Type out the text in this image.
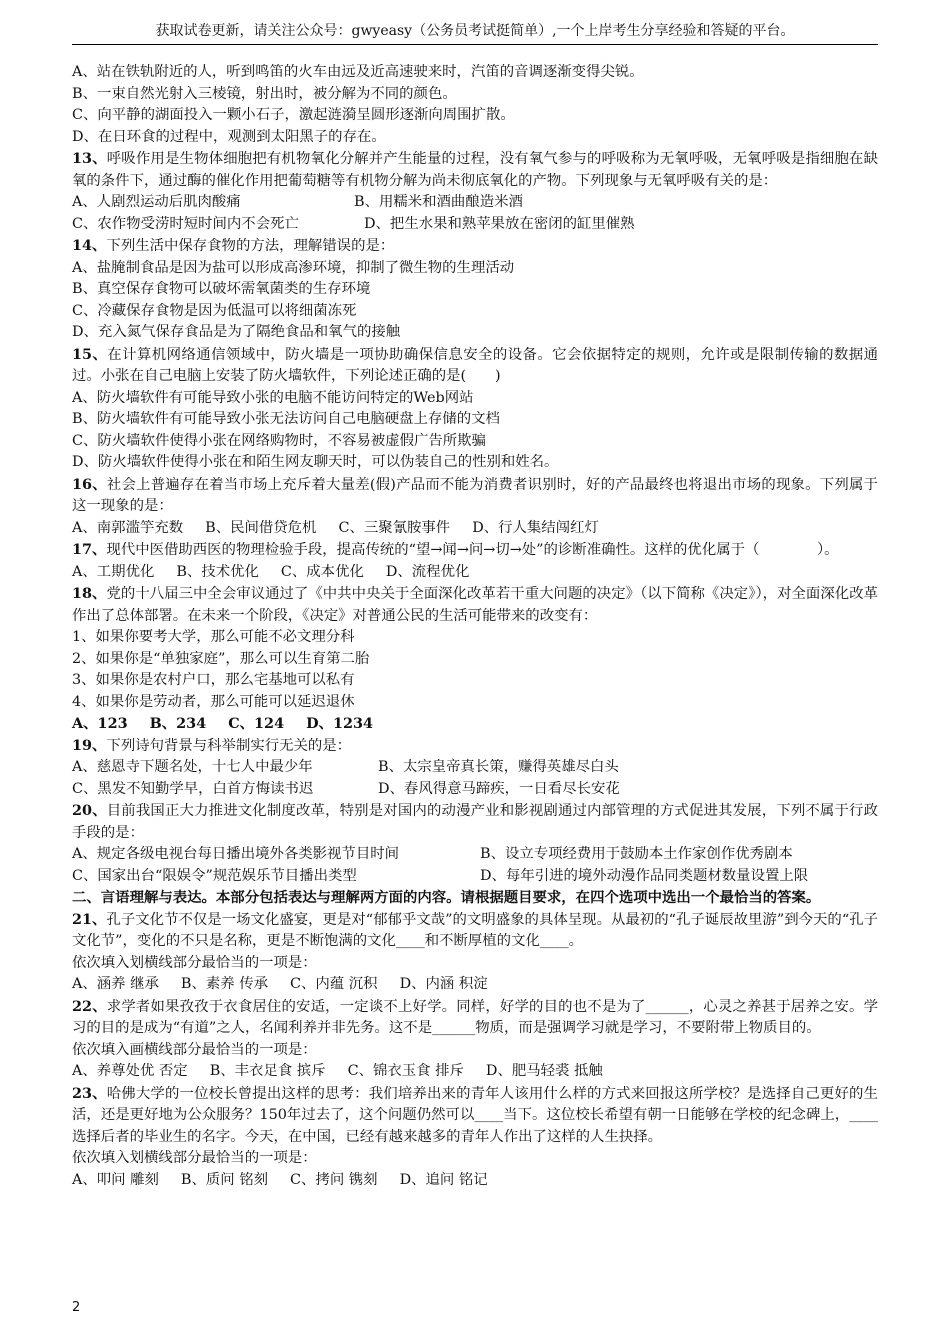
获取试卷更新，请关注公众号：gwyeasy（公务员考试挺简单）,一个上岸考生分享经验和答疑的平台。
A、站在铁轨附近的人，听到鸣笛的火车由远及近高速驶来时，汽笛的音调逐渐变得尖锐。
B、一束自然光射入三棱镜，射出时，被分解为不同的颜色。
C、向平静的湖面投入一颗小石子，激起涟漪呈圆形逐渐向周围扩散。
D、在日环食的过程中，观测到太阳黑子的存在。
13、呼吸作用是生物体细胞把有机物氧化分解并产生能量的过程，没有氧气参与的呼吸称为无氧呼吸，无氧呼吸是指细胞在缺氧的条件下，通过酶的催化作用把葡萄糖等有机物分解为尚未彻底氧化的产物。下列现象与无氧呼吸有关的是：
A、人剧烈运动后肌肉酸痛	B、用糯米和酒曲酿造米酒
C、农作物受涝时短时间内不会死亡	D、把生水果和熟苹果放在密闭的缸里催熟
14、下列生活中保存食物的方法，理解错误的是：
A、盐腌制食品是因为盐可以形成高渗环境，抑制了微生物的生理活动
B、真空保存食物可以破坏需氧菌类的生存环境
C、冷藏保存食物是因为低温可以将细菌冻死
D、充入氮气保存食品是为了隔绝食品和氧气的接触
15、在计算机网络通信领域中，防火墙是一项协助确保信息安全的设备。它会依据特定的规则，允许或是限制传输的数据通过。小张在自己电脑上安装了防火墙软件，下列论述正确的是(　　)
A、防火墙软件有可能导致小张的电脑不能访问特定的Web网站
B、防火墙软件有可能导致小张无法访问自己电脑硬盘上存储的文档
C、防火墙软件使得小张在网络购物时，不容易被虚假广告所欺骗
D、防火墙软件使得小张在和陌生网友聊天时，可以伪装自己的性别和姓名。
16、社会上普遍存在着当市场上充斥着大量差(假)产品而不能为消费者识别时，好的产品最终也将退出市场的现象。下列属于这一现象的是：
A、南郭滥竽充数 B、民间借贷危机 C、三聚氰胺事件 D、行人集结闯红灯
17、现代中医借助西医的物理检验手段，提高传统的“望→闻→问→切→处”的诊断准确性。这样的优化属于（　　　　）。
A、工期优化 B、技术优化 C、成本优化 D、流程优化
18、党的十八届三中全会审议通过了《中共中央关于全面深化改革若干重大问题的决定》（以下简称《决定》），对全面深化改革作出了总体部署。在未来一个阶段，《决定》对普通公民的生活可能带来的改变有：
1、如果你要考大学，那么可能不必文理分科
2、如果你是“单独家庭”，那么可以生育第二胎
3、如果你是农村户口，那么宅基地可以私有
4、如果你是劳动者，那么可能可以延迟退休
A、123 B、234 C、124 D、1234
19、下列诗句背景与科举制实行无关的是：
A、慈恩寺下题名处，十七人中最少年	B、太宗皇帝真长策，赚得英雄尽白头
C、黑发不知勤学早，白首方悔读书迟	D、春风得意马蹄疾，一日看尽长安花
20、目前我国正大力推进文化制度改革，特别是对国内的动漫产业和影视剧通过内部管理的方式促进其发展，下列不属于行政手段的是：
A、规定各级电视台每日播出境外各类影视节目时间	B、设立专项经费用于鼓励本土作家创作优秀剧本
C、国家出台“限娱令”规范娱乐节目播出类型	D、每年引进的境外动漫作品同类题材数量设置上限
二、言语理解与表达。本部分包括表达与理解两方面的内容。请根据题目要求，在四个选项中选出一个最恰当的答案。
21、孔子文化节不仅是一场文化盛宴，更是对“郁郁乎文哉”的文明盛象的具体呈现。从最初的“孔子诞辰故里游”到今天的“孔子文化节”，变化的不只是名称，更是不断饱满的文化____和不断厚植的文化____。
依次填入划横线部分最恰当的一项是：
A、涵养 继承 B、素养 传承 C、内蕴 沉积 D、内涵 积淀
22、求学者如果孜孜于衣食居住的安适，一定谈不上好学。同样，好学的目的也不是为了______，心灵之养甚于居养之安。学习的目的是成为“有道”之人，名闻利养并非先务。这不是______物质，而是强调学习就是学习，不要附带上物质目的。
依次填入画横线部分最恰当的一项是：
A、养尊处优 否定 B、丰衣足食 摈斥 C、锦衣玉食 排斥 D、肥马轻裘 抵触
23、哈佛大学的一位校长曾提出这样的思考：我们培养出来的青年人该用什么样的方式来回报这所学校？是选择自己更好的生活，还是更好地为公众服务？150年过去了，这个问题仍然可以____当下。这位校长希望有朝一日能够在学校的纪念碑上，____选择后者的毕业生的名字。今天，在中国，已经有越来越多的青年人作出了这样的人生抉择。
依次填入划横线部分最恰当的一项是：
A、叩问 雕刻 B、质问 铭刻 C、拷问 镌刻 D、追问 铭记
2
